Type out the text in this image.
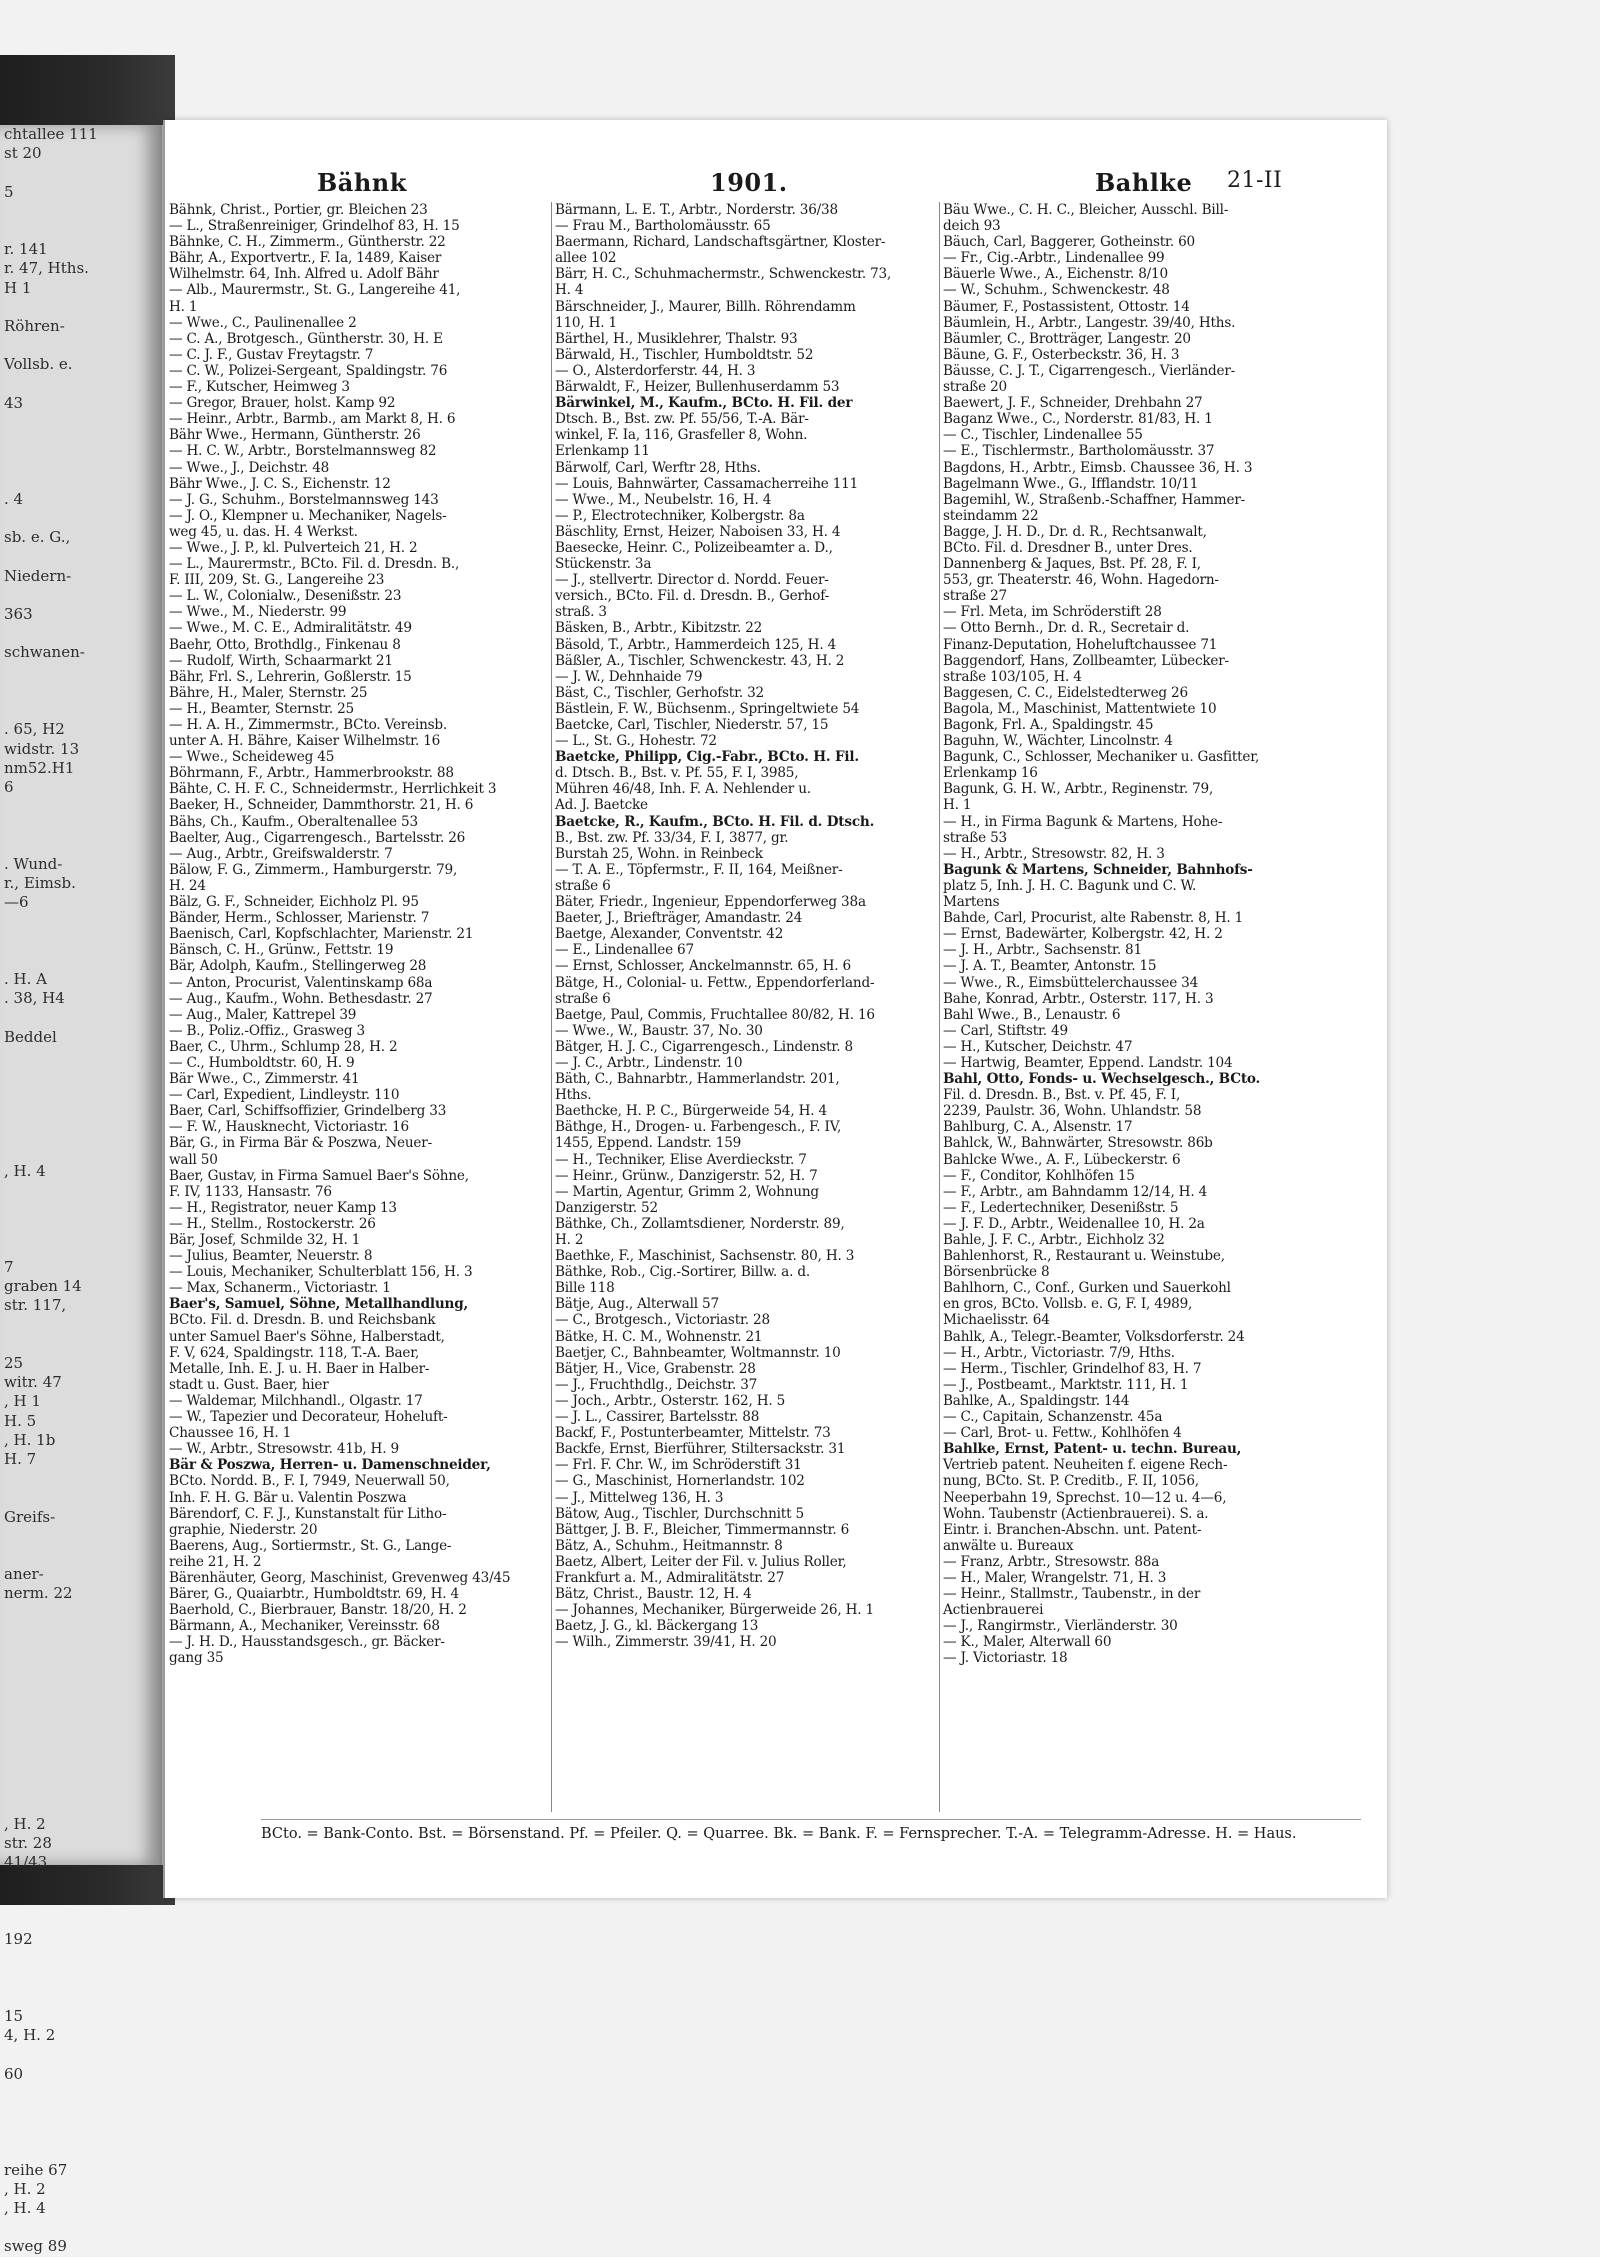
chtallee 111
st 20

5

r. 141
r. 47, Hths.
H 1

Röhren-

Vollsb. e.

43

. 4

sb. e. G.,

Niedern-

363

schwanen-

. 65, H2
widstr. 13
nm52.H1
6

. Wund-
r., Eimsb.
—6

. H. A
. 38, H4

Beddel

, H. 4

7
graben 14
str. 117,

25
witr. 47
, H 1
H. 5
, H. 1b
H. 7

Greifs-

aner-
nerm. 22

, H. 2
str. 28
41/43

192

15
4, H. 2

60

reihe 67
, H. 2
, H. 4

sweg 89
Bähnk	1901.	Bahlke 21-II
Bähnk, Christ., Portier, gr. Bleichen 23
— L., Straßenreiniger, Grindelhof 83, H. 15
Bähnke, C. H., Zimmerm., Güntherstr. 22
Bähr, A., Exportvertr., F. Ia, 1489, Kaiser
Wilhelmstr. 64, Inh. Alfred u. Adolf Bähr
— Alb., Maurermstr., St. G., Langereihe 41,
H. 1
— Wwe., C., Paulinenallee 2
— C. A., Brotgesch., Güntherstr. 30, H. E
— C. J. F., Gustav Freytagstr. 7
— C. W., Polizei-Sergeant, Spaldingstr. 76
— F., Kutscher, Heimweg 3
— Gregor, Brauer, holst. Kamp 92
— Heinr., Arbtr., Barmb., am Markt 8, H. 6
Bähr Wwe., Hermann, Güntherstr. 26
— H. C. W., Arbtr., Borstelmannsweg 82
— Wwe., J., Deichstr. 48
Bähr Wwe., J. C. S., Eichenstr. 12
— J. G., Schuhm., Borstelmannsweg 143
— J. O., Klempner u. Mechaniker, Nagels-
weg 45, u. das. H. 4 Werkst.
— Wwe., J. P., kl. Pulverteich 21, H. 2
— L., Maurermstr., BCto. Fil. d. Dresdn. B.,
F. III, 209, St. G., Langereihe 23
— L. W., Colonialw., Desenißstr. 23
— Wwe., M., Niederstr. 99
— Wwe., M. C. E., Admiralitätstr. 49
Baehr, Otto, Brothdlg., Finkenau 8
— Rudolf, Wirth, Schaarmarkt 21
Bähr, Frl. S., Lehrerin, Goßlerstr. 15
Bähre, H., Maler, Sternstr. 25
— H., Beamter, Sternstr. 25
— H. A. H., Zimmermstr., BCto. Vereinsb.
unter A. H. Bähre, Kaiser Wilhelmstr. 16
— Wwe., Scheideweg 45
Böhrmann, F., Arbtr., Hammerbrookstr. 88
Bähte, C. H. F. C., Schneidermstr., Herrlichkeit 3
Baeker, H., Schneider, Dammthorstr. 21, H. 6
Bähs, Ch., Kaufm., Oberaltenallee 53
Baelter, Aug., Cigarrengesch., Bartelsstr. 26
— Aug., Arbtr., Greifswalderstr. 7
Bälow, F. G., Zimmerm., Hamburgerstr. 79,
H. 24
Bälz, G. F., Schneider, Eichholz Pl. 95
Bänder, Herm., Schlosser, Marienstr. 7
Baenisch, Carl, Kopfschlachter, Marienstr. 21
Bänsch, C. H., Grünw., Fettstr. 19
Bär, Adolph, Kaufm., Stellingerweg 28
— Anton, Procurist, Valentinskamp 68a
— Aug., Kaufm., Wohn. Bethesdastr. 27
— Aug., Maler, Kattrepel 39
— B., Poliz.-Offiz., Grasweg 3
Baer, C., Uhrm., Schlump 28, H. 2
— C., Humboldtstr. 60, H. 9
Bär Wwe., C., Zimmerstr. 41
— Carl, Expedient, Lindleystr. 110
Baer, Carl, Schiffsoffizier, Grindelberg 33
— F. W., Hausknecht, Victoriastr. 16
Bär, G., in Firma Bär & Poszwa, Neuer-
wall 50
Baer, Gustav, in Firma Samuel Baer's Söhne,
F. IV, 1133, Hansastr. 76
— H., Registrator, neuer Kamp 13
— H., Stellm., Rostockerstr. 26
Bär, Josef, Schmilde 32, H. 1
— Julius, Beamter, Neuerstr. 8
— Louis, Mechaniker, Schulterblatt 156, H. 3
— Max, Schanerm., Victoriastr. 1
Baer's, Samuel, Söhne, Metallhandlung,
BCto. Fil. d. Dresdn. B. und Reichsbank
unter Samuel Baer's Söhne, Halberstadt,
F. V, 624, Spaldingstr. 118, T.-A. Baer,
Metalle, Inh. E. J. u. H. Baer in Halber-
stadt u. Gust. Baer, hier
— Waldemar, Milchhandl., Olgastr. 17
— W., Tapezier und Decorateur, Hoheluft-
Chaussee 16, H. 1
— W., Arbtr., Stresowstr. 41b, H. 9
Bär & Poszwa, Herren- u. Damenschneider,
BCto. Nordd. B., F. I, 7949, Neuerwall 50,
Inh. F. H. G. Bär u. Valentin Poszwa
Bärendorf, C. F. J., Kunstanstalt für Litho-
graphie, Niederstr. 20
Baerens, Aug., Sortiermstr., St. G., Lange-
reihe 21, H. 2
Bärenhäuter, Georg, Maschinist, Grevenweg 43/45
Bärer, G., Quaiarbtr., Humboldtstr. 69, H. 4
Baerhold, C., Bierbrauer, Banstr. 18/20, H. 2
Bärmann, A., Mechaniker, Vereinsstr. 68
— J. H. D., Hausstandsgesch., gr. Bäcker-
gang 35
Bärmann, L. E. T., Arbtr., Norderstr. 36/38
— Frau M., Bartholomäusstr. 65
Baermann, Richard, Landschaftsgärtner, Kloster-
allee 102
Bärr, H. C., Schuhmachermstr., Schwenckestr. 73,
H. 4
Bärschneider, J., Maurer, Billh. Röhrendamm
110, H. 1
Bärthel, H., Musiklehrer, Thalstr. 93
Bärwald, H., Tischler, Humboldtstr. 52
— O., Alsterdorferstr. 44, H. 3
Bärwaldt, F., Heizer, Bullenhuserdamm 53
Bärwinkel, M., Kaufm., BCto. H. Fil. der
Dtsch. B., Bst. zw. Pf. 55/56, T.-A. Bär-
winkel, F. Ia, 116, Grasfeller 8, Wohn.
Erlenkamp 11
Bärwolf, Carl, Werftr 28, Hths.
— Louis, Bahnwärter, Cassamacherreihe 111
— Wwe., M., Neubelstr. 16, H. 4
— P., Electrotechniker, Kolbergstr. 8a
Bäschlity, Ernst, Heizer, Naboisen 33, H. 4
Baesecke, Heinr. C., Polizeibeamter a. D.,
Stückenstr. 3a
— J., stellvertr. Director d. Nordd. Feuer-
versich., BCto. Fil. d. Dresdn. B., Gerhof-
straß. 3
Bäsken, B., Arbtr., Kibitzstr. 22
Bäsold, T., Arbtr., Hammerdeich 125, H. 4
Bäßler, A., Tischler, Schwenckestr. 43, H. 2
— J. W., Dehnhaide 79
Bäst, C., Tischler, Gerhofstr. 32
Bästlein, F. W., Büchsenm., Springeltwiete 54
Baetcke, Carl, Tischler, Niederstr. 57, 15
— L., St. G., Hohestr. 72
Baetcke, Philipp, Cig.-Fabr., BCto. H. Fil.
d. Dtsch. B., Bst. v. Pf. 55, F. I, 3985,
Mühren 46/48, Inh. F. A. Nehlender u.
Ad. J. Baetcke
Baetcke, R., Kaufm., BCto. H. Fil. d. Dtsch.
B., Bst. zw. Pf. 33/34, F. I, 3877, gr.
Burstah 25, Wohn. in Reinbeck
— T. A. E., Töpfermstr., F. II, 164, Meißner-
straße 6
Bäter, Friedr., Ingenieur, Eppendorferweg 38a
Baeter, J., Briefträger, Amandastr. 24
Baetge, Alexander, Conventstr. 42
— E., Lindenallee 67
— Ernst, Schlosser, Anckelmannstr. 65, H. 6
Bätge, H., Colonial- u. Fettw., Eppendorferland-
straße 6
Baetge, Paul, Commis, Fruchtallee 80/82, H. 16
— Wwe., W., Baustr. 37, No. 30
Bätger, H. J. C., Cigarrengesch., Lindenstr. 8
— J. C., Arbtr., Lindenstr. 10
Bäth, C., Bahnarbtr., Hammerlandstr. 201,
Hths.
Baethcke, H. P. C., Bürgerweide 54, H. 4
Bäthge, H., Drogen- u. Farbengesch., F. IV,
1455, Eppend. Landstr. 159
— H., Techniker, Elise Averdieckstr. 7
— Heinr., Grünw., Danzigerstr. 52, H. 7
— Martin, Agentur, Grimm 2, Wohnung
Danzigerstr. 52
Bäthke, Ch., Zollamtsdiener, Norderstr. 89,
H. 2
Baethke, F., Maschinist, Sachsenstr. 80, H. 3
Bäthke, Rob., Cig.-Sortirer, Billw. a. d.
Bille 118
Bätje, Aug., Alterwall 57
— C., Brotgesch., Victoriastr. 28
Bätke, H. C. M., Wohnenstr. 21
Baetjer, C., Bahnbeamter, Woltmannstr. 10
Bätjer, H., Vice, Grabenstr. 28
— J., Fruchthdlg., Deichstr. 37
— Joch., Arbtr., Osterstr. 162, H. 5
— J. L., Cassirer, Bartelsstr. 88
Backf, F., Postunterbeamter, Mittelstr. 73
Backfe, Ernst, Bierführer, Stiltersackstr. 31
— Frl. F. Chr. W., im Schröderstift 31
— G., Maschinist, Hornerlandstr. 102
— J., Mittelweg 136, H. 3
Bätow, Aug., Tischler, Durchschnitt 5
Bättger, J. B. F., Bleicher, Timmermannstr. 6
Bätz, A., Schuhm., Heitmannstr. 8
Baetz, Albert, Leiter der Fil. v. Julius Roller,
Frankfurt a. M., Admiralitätstr. 27
Bätz, Christ., Baustr. 12, H. 4
— Johannes, Mechaniker, Bürgerweide 26, H. 1
Baetz, J. G., kl. Bäckergang 13
— Wilh., Zimmerstr. 39/41, H. 20
Bäu Wwe., C. H. C., Bleicher, Ausschl. Bill-
deich 93
Bäuch, Carl, Baggerer, Gotheinstr. 60
— Fr., Cig.-Arbtr., Lindenallee 99
Bäuerle Wwe., A., Eichenstr. 8/10
— W., Schuhm., Schwenckestr. 48
Bäumer, F., Postassistent, Ottostr. 14
Bäumlein, H., Arbtr., Langestr. 39/40, Hths.
Bäumler, C., Brotträger, Langestr. 20
Bäune, G. F., Osterbeckstr. 36, H. 3
Bäusse, C. J. T., Cigarrengesch., Vierländer-
straße 20
Baewert, J. F., Schneider, Drehbahn 27
Baganz Wwe., C., Norderstr. 81/83, H. 1
— C., Tischler, Lindenallee 55
— E., Tischlermstr., Bartholomäusstr. 37
Bagdons, H., Arbtr., Eimsb. Chaussee 36, H. 3
Bagelmann Wwe., G., Ifflandstr. 10/11
Bagemihl, W., Straßenb.-Schaffner, Hammer-
steindamm 22
Bagge, J. H. D., Dr. d. R., Rechtsanwalt,
BCto. Fil. d. Dresdner B., unter Dres.
Dannenberg & Jaques, Bst. Pf. 28, F. I,
553, gr. Theaterstr. 46, Wohn. Hagedorn-
straße 27
— Frl. Meta, im Schröderstift 28
— Otto Bernh., Dr. d. R., Secretair d.
Finanz-Deputation, Hoheluftchaussee 71
Baggendorf, Hans, Zollbeamter, Lübecker-
straße 103/105, H. 4
Baggesen, C. C., Eidelstedterweg 26
Bagola, M., Maschinist, Mattentwiete 10
Bagonk, Frl. A., Spaldingstr. 45
Baguhn, W., Wächter, Lincolnstr. 4
Bagunk, C., Schlosser, Mechaniker u. Gasfitter,
Erlenkamp 16
Bagunk, G. H. W., Arbtr., Reginenstr. 79,
H. 1
— H., in Firma Bagunk & Martens, Hohe-
straße 53
— H., Arbtr., Stresowstr. 82, H. 3
Bagunk & Martens, Schneider, Bahnhofs-
platz 5, Inh. J. H. C. Bagunk und C. W.
Martens
Bahde, Carl, Procurist, alte Rabenstr. 8, H. 1
— Ernst, Badewärter, Kolbergstr. 42, H. 2
— J. H., Arbtr., Sachsenstr. 81
— J. A. T., Beamter, Antonstr. 15
— Wwe., R., Eimsbüttelerchaussee 34
Bahe, Konrad, Arbtr., Osterstr. 117, H. 3
Bahl Wwe., B., Lenaustr. 6
— Carl, Stiftstr. 49
— H., Kutscher, Deichstr. 47
— Hartwig, Beamter, Eppend. Landstr. 104
Bahl, Otto, Fonds- u. Wechselgesch., BCto.
Fil. d. Dresdn. B., Bst. v. Pf. 45, F. I,
2239, Paulstr. 36, Wohn. Uhlandstr. 58
Bahlburg, C. A., Alsenstr. 17
Bahlck, W., Bahnwärter, Stresowstr. 86b
Bahlcke Wwe., A. F., Lübeckerstr. 6
— F., Conditor, Kohlhöfen 15
— F., Arbtr., am Bahndamm 12/14, H. 4
— F., Ledertechniker, Desenißstr. 5
— J. F. D., Arbtr., Weidenallee 10, H. 2a
Bahle, J. F. C., Arbtr., Eichholz 32
Bahlenhorst, R., Restaurant u. Weinstube,
Börsenbrücke 8
Bahlhorn, C., Conf., Gurken und Sauerkohl
en gros, BCto. Vollsb. e. G, F. I, 4989,
Michaelisstr. 64
Bahlk, A., Telegr.-Beamter, Volksdorferstr. 24
— H., Arbtr., Victoriastr. 7/9, Hths.
— Herm., Tischler, Grindelhof 83, H. 7
— J., Postbeamt., Marktstr. 111, H. 1
Bahlke, A., Spaldingstr. 144
— C., Capitain, Schanzenstr. 45a
— Carl, Brot- u. Fettw., Kohlhöfen 4
Bahlke, Ernst, Patent- u. techn. Bureau,
Vertrieb patent. Neuheiten f. eigene Rech-
nung, BCto. St. P. Creditb., F. II, 1056,
Neeperbahn 19, Sprechst. 10—12 u. 4—6,
Wohn. Taubenstr (Actienbrauerei). S. a.
Eintr. i. Branchen-Abschn. unt. Patent-
anwälte u. Bureaux
— Franz, Arbtr., Stresowstr. 88a
— H., Maler, Wrangelstr. 71, H. 3
— Heinr., Stallmstr., Taubenstr., in der
Actienbrauerei
— J., Rangirmstr., Vierländerstr. 30
— K., Maler, Alterwall 60
— J. Victoriastr. 18
BCto. = Bank-Conto. Bst. = Börsenstand. Pf. = Pfeiler. Q. = Quarree. Bk. = Bank. F. = Fernsprecher. T.-A. = Telegramm-Adresse. H. = Haus.
